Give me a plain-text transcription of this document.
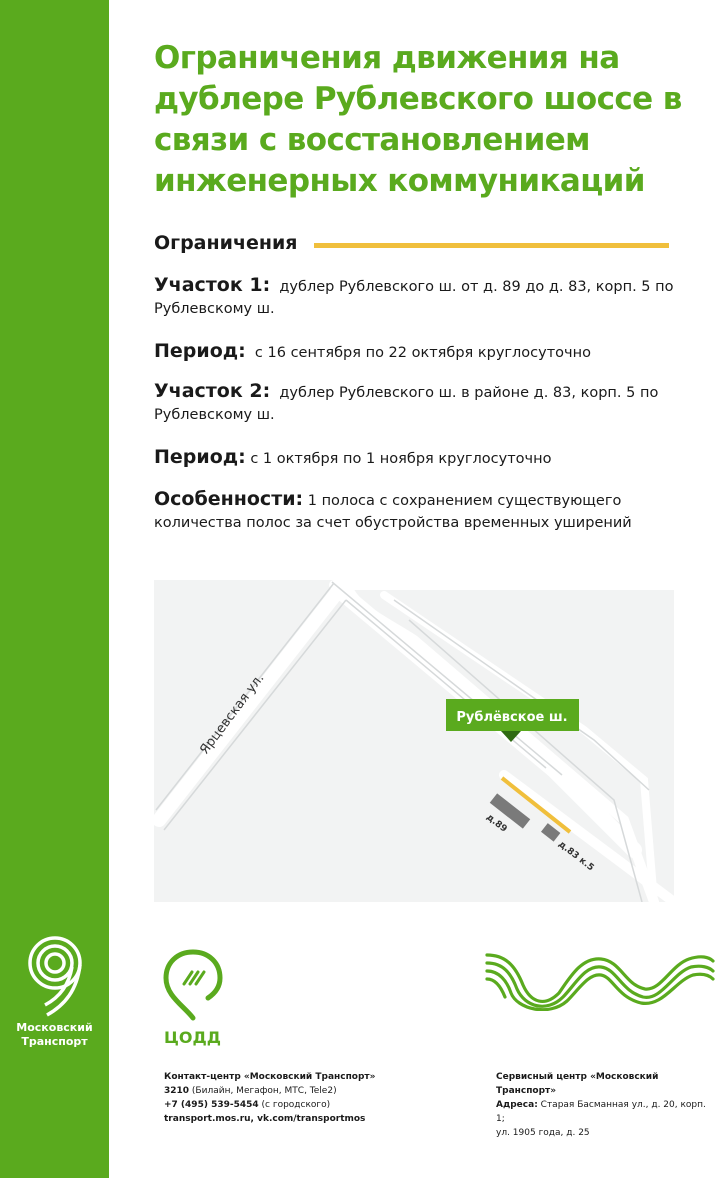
Московский
Транспорт
Ограничения движения на дублере Рублевского шоссе в связи с восстановлением инженерных коммуникаций
Ограничения
Участок 1: дублер Рублевского ш. от д. 89 до д. 83, корп. 5 по Рублевскому ш.
Период: с 16 сентября по 22 октября круглосуточно
Участок 2: дублер Рублевского ш. в районе д. 83, корп. 5 по Рублевскому ш.
Период: с 1 октября по 1 ноября круглосуточно
Особенности: 1 полоса с сохранением существующего количества полос за счет обустройства временных уширений
Ярцевская ул.
д.89
д.83 к.5
Рублёвское ш.
ЦОДД
Контакт-центр «Московский Транспорт»
3210 (Билайн, Мегафон, МТС, Tele2)
+7 (495) 539-5454 (с городского)
transport.mos.ru, vk.com/transportmos
Сервисный центр «Московский Транспорт»
Адреса: Старая Басманная ул., д. 20, корп. 1;
ул. 1905 года, д. 25
